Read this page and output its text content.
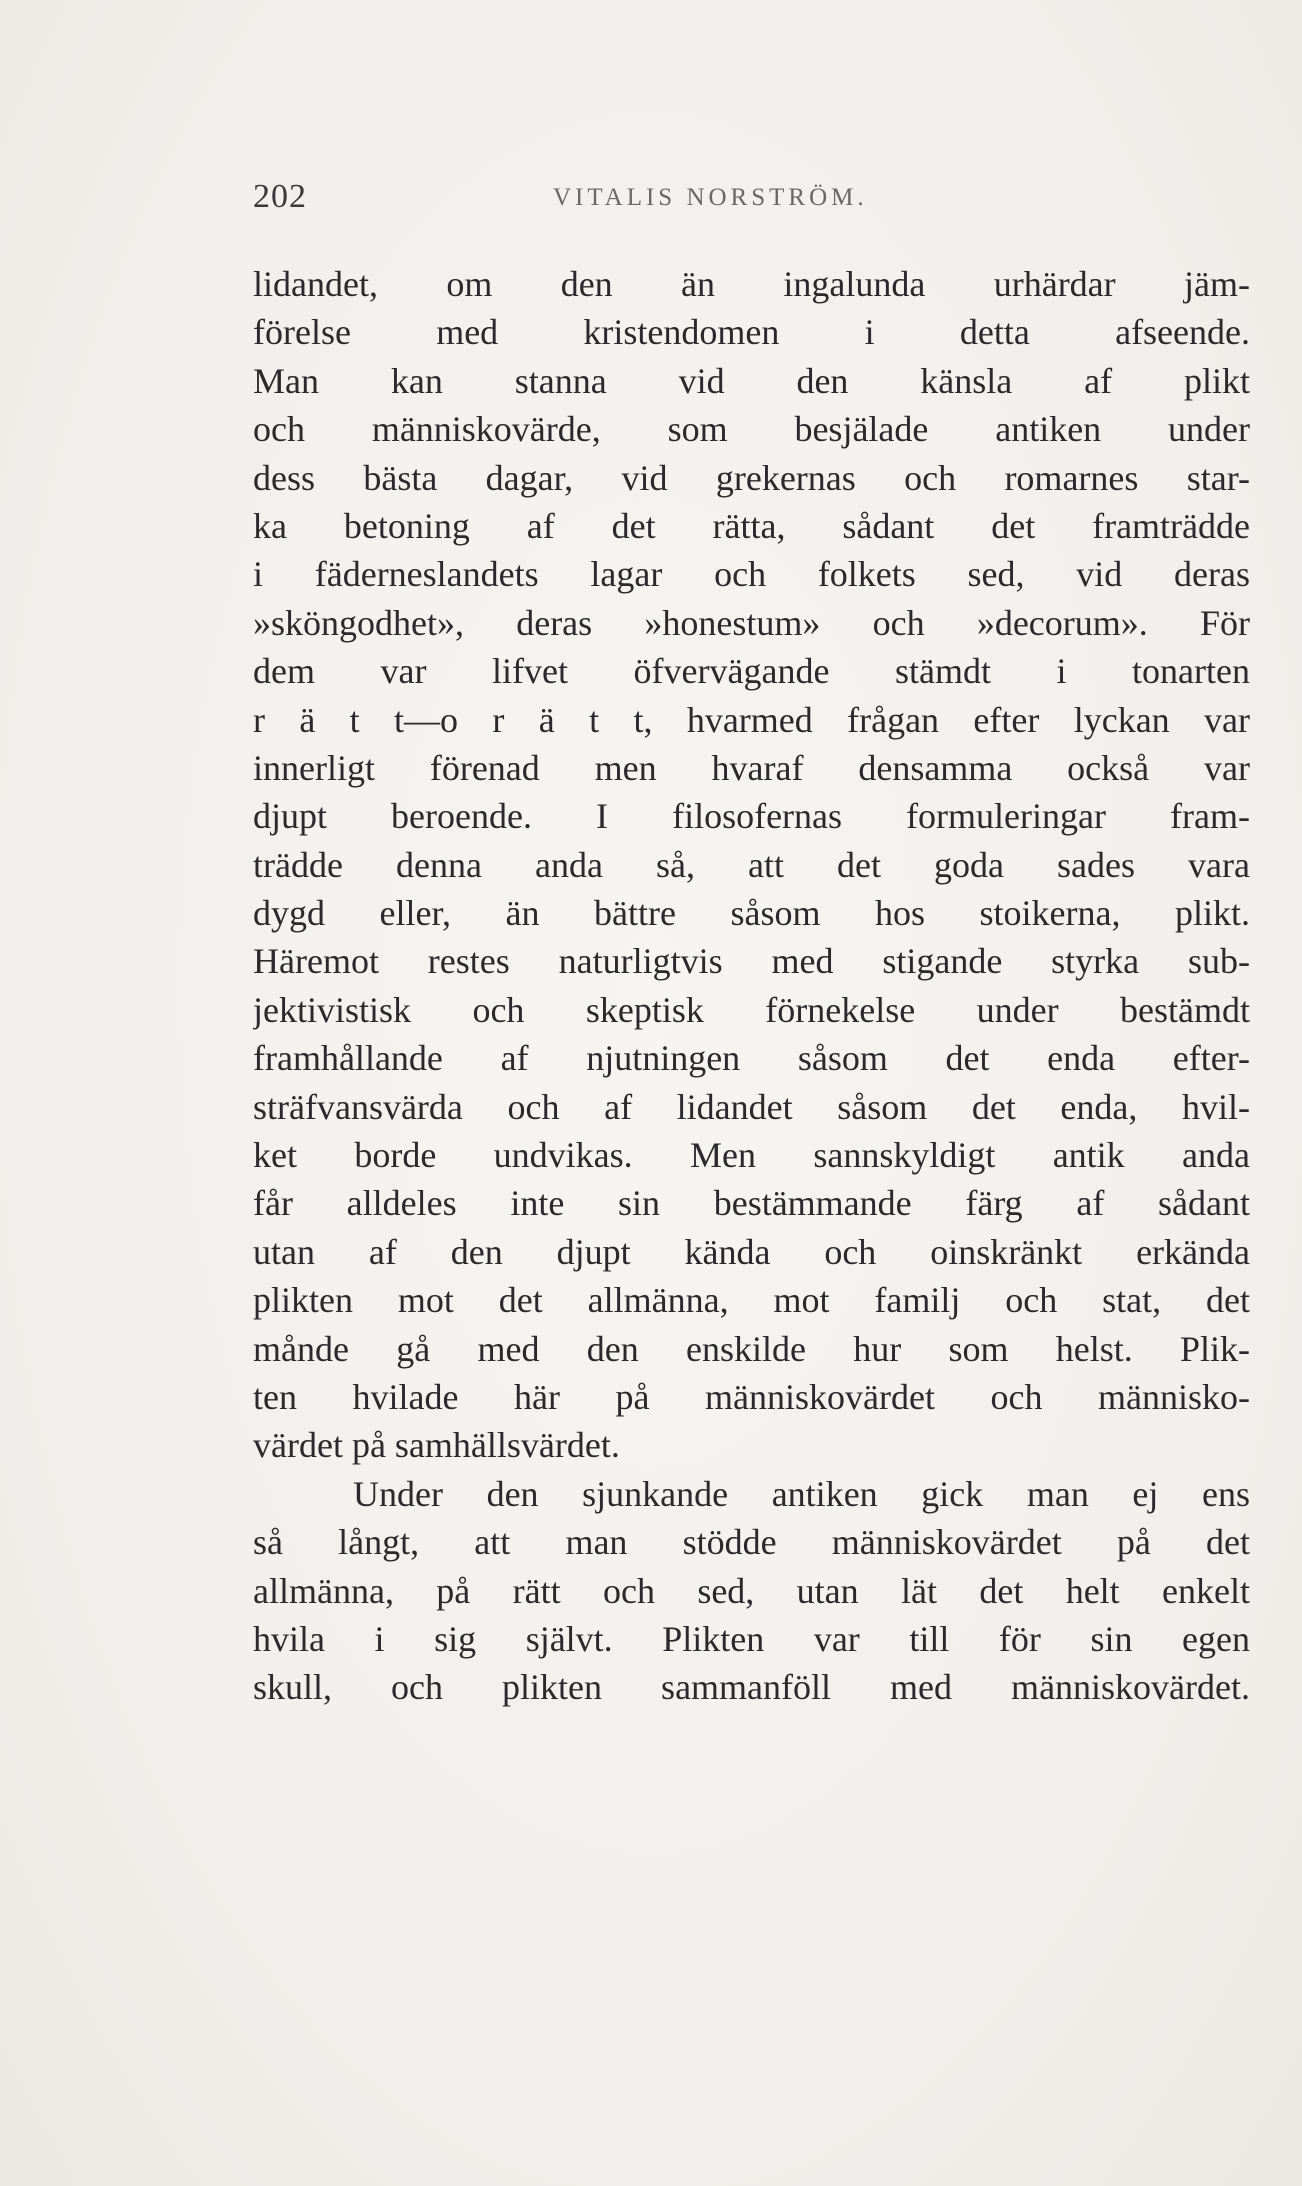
202	VITALIS NORSTRÖM.
lidandet, om den än ingalunda urhärdar jäm-
förelse med kristendomen i detta afseende.
Man kan stanna vid den känsla af plikt
och människovärde, som besjälade antiken under
dess bästa dagar, vid grekernas och romarnes star-
ka betoning af det rätta, sådant det framträdde
i fäderneslandets lagar och folkets sed, vid deras
»sköngodhet», deras »honestum» och »decorum». För
dem var lifvet öfvervägande stämdt i tonarten
r ä t t—o r ä t t, hvarmed frågan efter lyckan var
innerligt förenad men hvaraf densamma också var
djupt beroende. I filosofernas formuleringar fram-
trädde denna anda så, att det goda sades vara
dygd eller, än bättre såsom hos stoikerna, plikt.
Häremot restes naturligtvis med stigande styrka sub-
jektivistisk och skeptisk förnekelse under bestämdt
framhållande af njutningen såsom det enda efter-
sträfvansvärda och af lidandet såsom det enda, hvil-
ket borde undvikas. Men sannskyldigt antik anda
får alldeles inte sin bestämmande färg af sådant
utan af den djupt kända och oinskränkt erkända
plikten mot det allmänna, mot familj och stat, det
månde gå med den enskilde hur som helst. Plik-
ten hvilade här på människovärdet och människo-
värdet på samhällsvärdet.
Under den sjunkande antiken gick man ej ens
så långt, att man stödde människovärdet på det
allmänna, på rätt och sed, utan lät det helt enkelt
hvila i sig självt. Plikten var till för sin egen
skull, och plikten sammanföll med människovärdet.
